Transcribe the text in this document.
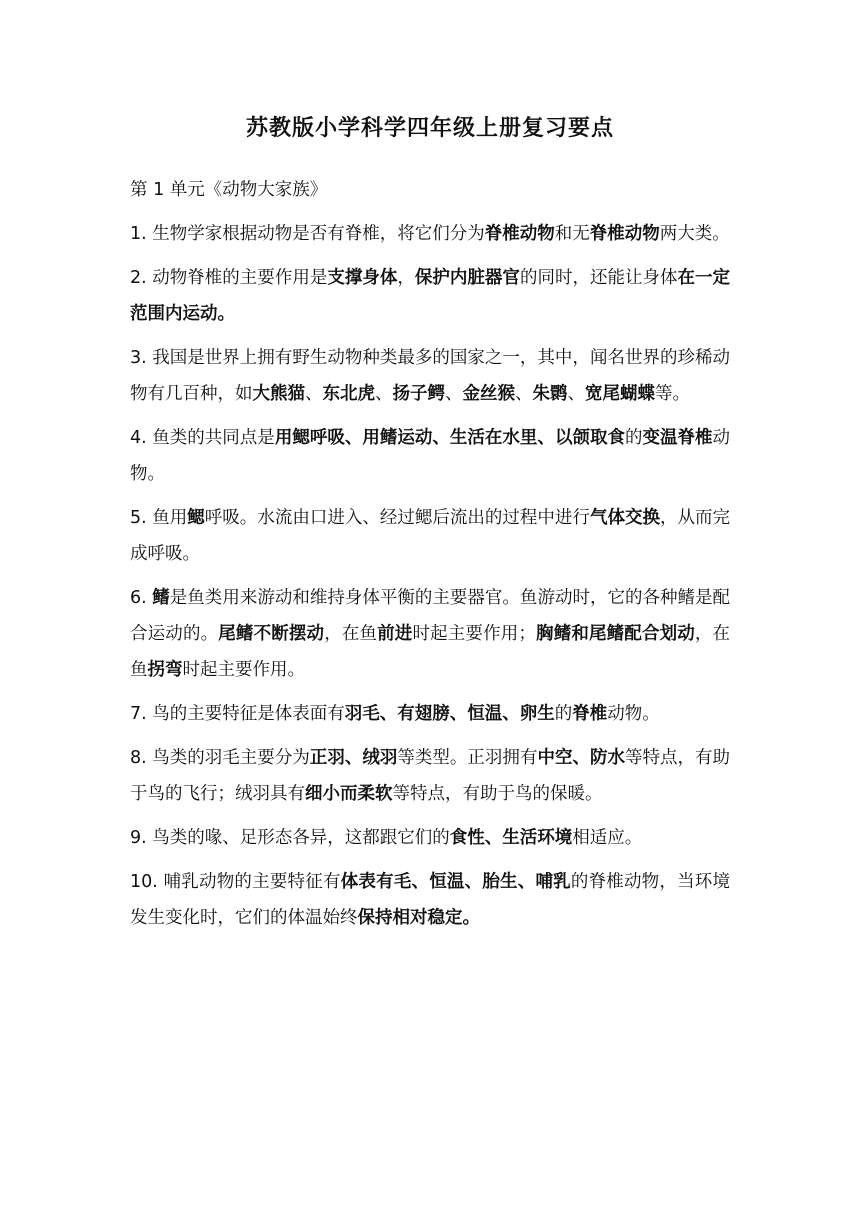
苏教版小学科学四年级上册复习要点
第 1 单元《动物大家族》
1. 生物学家根据动物是否有脊椎，将它们分为脊椎动物和无脊椎动物两大类。
2. 动物脊椎的主要作用是支撑身体，保护内脏器官的同时，还能让身体在一定范围内运动。
3. 我国是世界上拥有野生动物种类最多的国家之一，其中，闻名世界的珍稀动物有几百种，如大熊猫、东北虎、扬子鳄、金丝猴、朱鹮、宽尾蝴蝶等。
4. 鱼类的共同点是用鳃呼吸、用鳍运动、生活在水里、以颌取食的变温脊椎动物。
5. 鱼用鳃呼吸。水流由口进入、经过鳃后流出的过程中进行气体交换，从而完成呼吸。
6. 鳍是鱼类用来游动和维持身体平衡的主要器官。鱼游动时，它的各种鳍是配合运动的。尾鳍不断摆动，在鱼前进时起主要作用；胸鳍和尾鳍配合划动，在鱼拐弯时起主要作用。
7. 鸟的主要特征是体表面有羽毛、有翅膀、恒温、卵生的脊椎动物。
8. 鸟类的羽毛主要分为正羽、绒羽等类型。正羽拥有中空、防水等特点，有助于鸟的飞行；绒羽具有细小而柔软等特点，有助于鸟的保暖。
9. 鸟类的喙、足形态各异，这都跟它们的食性、生活环境相适应。
10. 哺乳动物的主要特征有体表有毛、恒温、胎生、哺乳的脊椎动物，当环境发生变化时，它们的体温始终保持相对稳定。
